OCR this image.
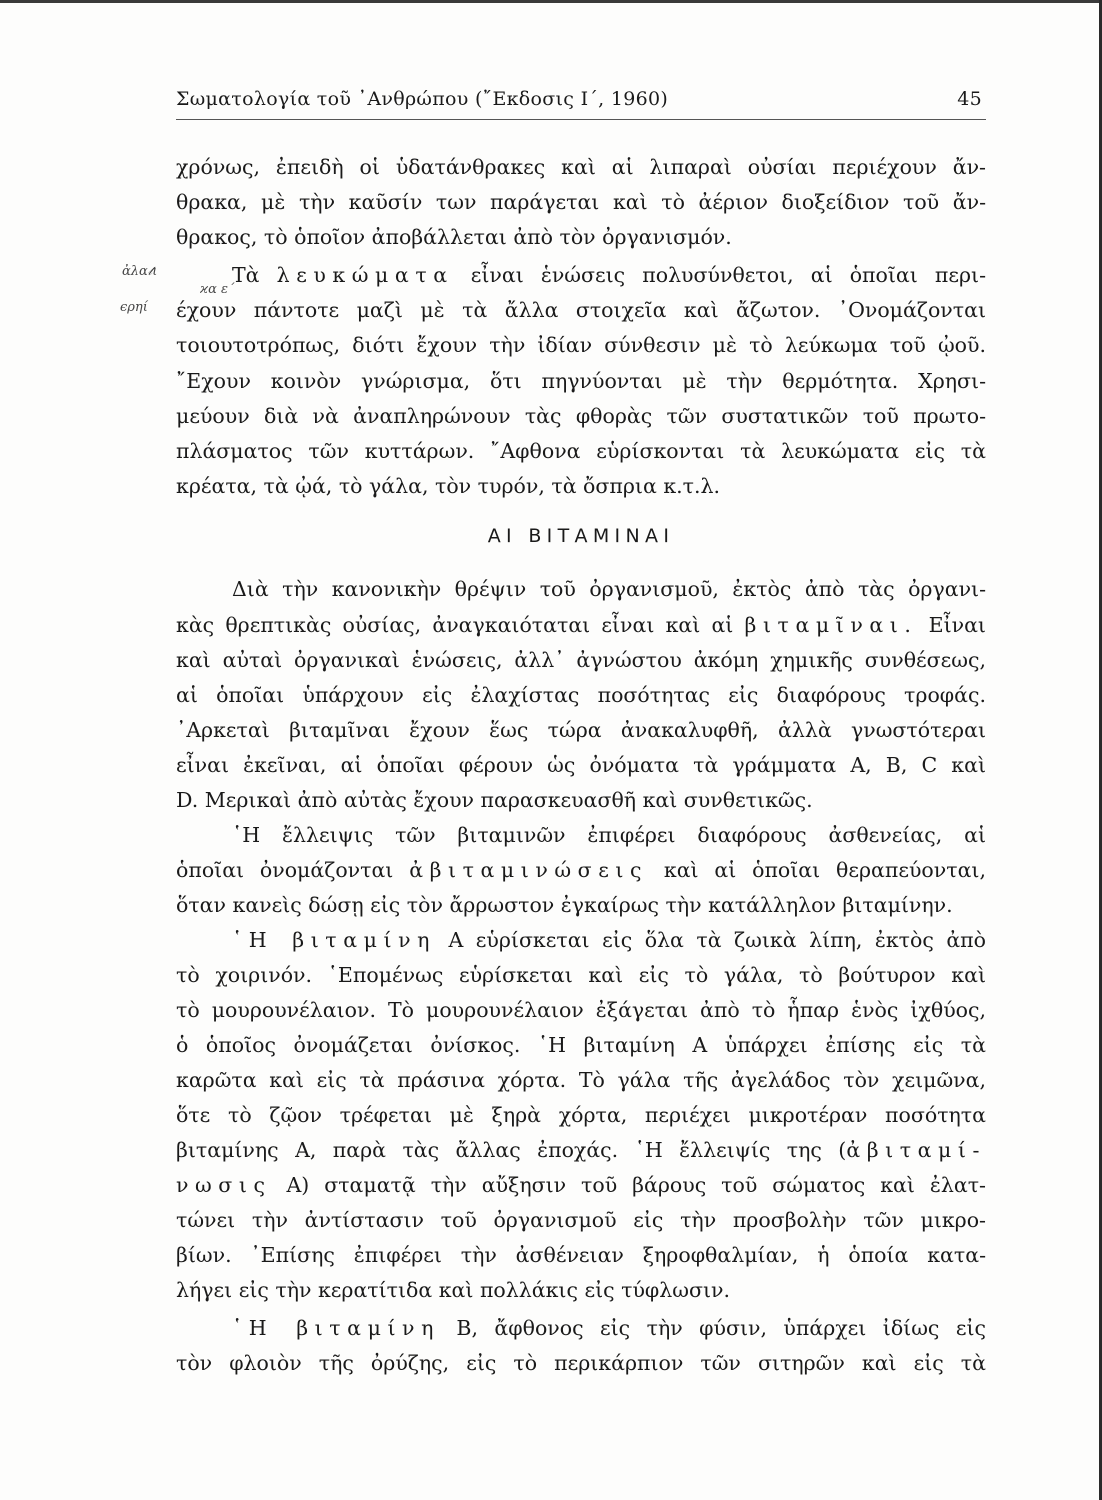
Σωματολογία τοῦ ᾿Ανθρώπου (῎Εκδοσις Ι΄, 1960)	45
ἀλα𝓉ι
ϰα ε΄
ϵρηί
χρόνως, ἐπειδὴ οἱ ὑδατάνθρακες καὶ αἱ λιπαραὶ οὐσίαι περιέχουν ἄν-
θρακα, μὲ τὴν καῦσίν των παράγεται καὶ τὸ ἀέριον διοξείδιον τοῦ ἄν-
θρακος, τὸ ὁποῖον ἀποβάλλεται ἀπὸ τὸν ὀργανισμόν.
Τὰ λευκώματα εἶναι ἑνώσεις πολυσύνθετοι, αἱ ὁποῖαι περι-
έχουν πάντοτε μαζὶ μὲ τὰ ἄλλα στοιχεῖα καὶ ἄζωτον. ᾿Ονομάζονται
τοιουτοτρόπως, διότι ἔχουν τὴν ἰδίαν σύνθεσιν μὲ τὸ λεύκωμα τοῦ ᾠοῦ.
῎Εχουν κοινὸν γνώρισμα, ὅτι πηγνύονται μὲ τὴν θερμότητα. Χρησι-
μεύουν διὰ νὰ ἀναπληρώνουν τὰς φθορὰς τῶν συστατικῶν τοῦ πρωτο-
πλάσματος τῶν κυττάρων. ῎Αφθονα εὑρίσκονται τὰ λευκώματα εἰς τὰ
κρέατα, τὰ ᾠά, τὸ γάλα, τὸν τυρόν, τὰ ὄσπρια κ.τ.λ.
ΑΙ ΒΙΤΑΜΙΝΑΙ
Διὰ τὴν κανονικὴν θρέψιν τοῦ ὀργανισμοῦ, ἐκτὸς ἀπὸ τὰς ὀργανι-
κὰς θρεπτικὰς οὐσίας, ἀναγκαιόταται εἶναι καὶ αἱ βιταμῖναι. Εἶναι
καὶ αὐταὶ ὀργανικαὶ ἑνώσεις, ἀλλ᾿ ἀγνώστου ἀκόμη χημικῆς συνθέσεως,
αἱ ὁποῖαι ὑπάρχουν εἰς ἐλαχίστας ποσότητας εἰς διαφόρους τροφάς.
᾿Αρκεταὶ βιταμῖναι ἔχουν ἕως τώρα ἀνακαλυφθῆ, ἀλλὰ γνωστότεραι
εἶναι ἐκεῖναι, αἱ ὁποῖαι φέρουν ὡς ὀνόματα τὰ γράμματα Α, Β, C καὶ
D. Μερικαὶ ἀπὸ αὐτὰς ἔχουν παρασκευασθῆ καὶ συνθετικῶς.
῾Η ἔλλειψις τῶν βιταμινῶν ἐπιφέρει διαφόρους ἀσθενείας, αἱ
ὁποῖαι ὀνομάζονται ἀβιταμινώσεις καὶ αἱ ὁποῖαι θεραπεύονται,
ὅταν κανεὶς δώσῃ εἰς τὸν ἄρρωστον ἐγκαίρως τὴν κατάλληλον βιταμίνην.
῾Η βιταμίνη Α εὑρίσκεται εἰς ὅλα τὰ ζωικὰ λίπη, ἐκτὸς ἀπὸ
τὸ χοιρινόν. ῾Επομένως εὑρίσκεται καὶ εἰς τὸ γάλα, τὸ βούτυρον καὶ
τὸ μουρουνέλαιον. Τὸ μουρουνέλαιον ἐξάγεται ἀπὸ τὸ ἧπαρ ἑνὸς ἰχθύος,
ὁ ὁποῖος ὀνομάζεται ὀνίσκος. ῾Η βιταμίνη Α ὑπάρχει ἐπίσης εἰς τὰ
καρῶτα καὶ εἰς τὰ πράσινα χόρτα. Τὸ γάλα τῆς ἀγελάδος τὸν χειμῶνα,
ὅτε τὸ ζῷον τρέφεται μὲ ξηρὰ χόρτα, περιέχει μικροτέραν ποσότητα
βιταμίνης Α, παρὰ τὰς ἄλλας ἐποχάς. ῾Η ἔλλειψίς της (ἀβιταμί-
νωσις Α) σταματᾷ τὴν αὔξησιν τοῦ βάρους τοῦ σώματος καὶ ἐλατ-
τώνει τὴν ἀντίστασιν τοῦ ὀργανισμοῦ εἰς τὴν προσβολὴν τῶν μικρο-
βίων. ᾿Επίσης ἐπιφέρει τὴν ἀσθένειαν ξηροφθαλμίαν, ἡ ὁποία κατα-
λήγει εἰς τὴν κερατίτιδα καὶ πολλάκις εἰς τύφλωσιν.
῾Η βιταμίνη Β, ἄφθονος εἰς τὴν φύσιν, ὑπάρχει ἰδίως εἰς
τὸν φλοιὸν τῆς ὀρύζης, εἰς τὸ περικάρπιον τῶν σιτηρῶν καὶ εἰς τὰ
